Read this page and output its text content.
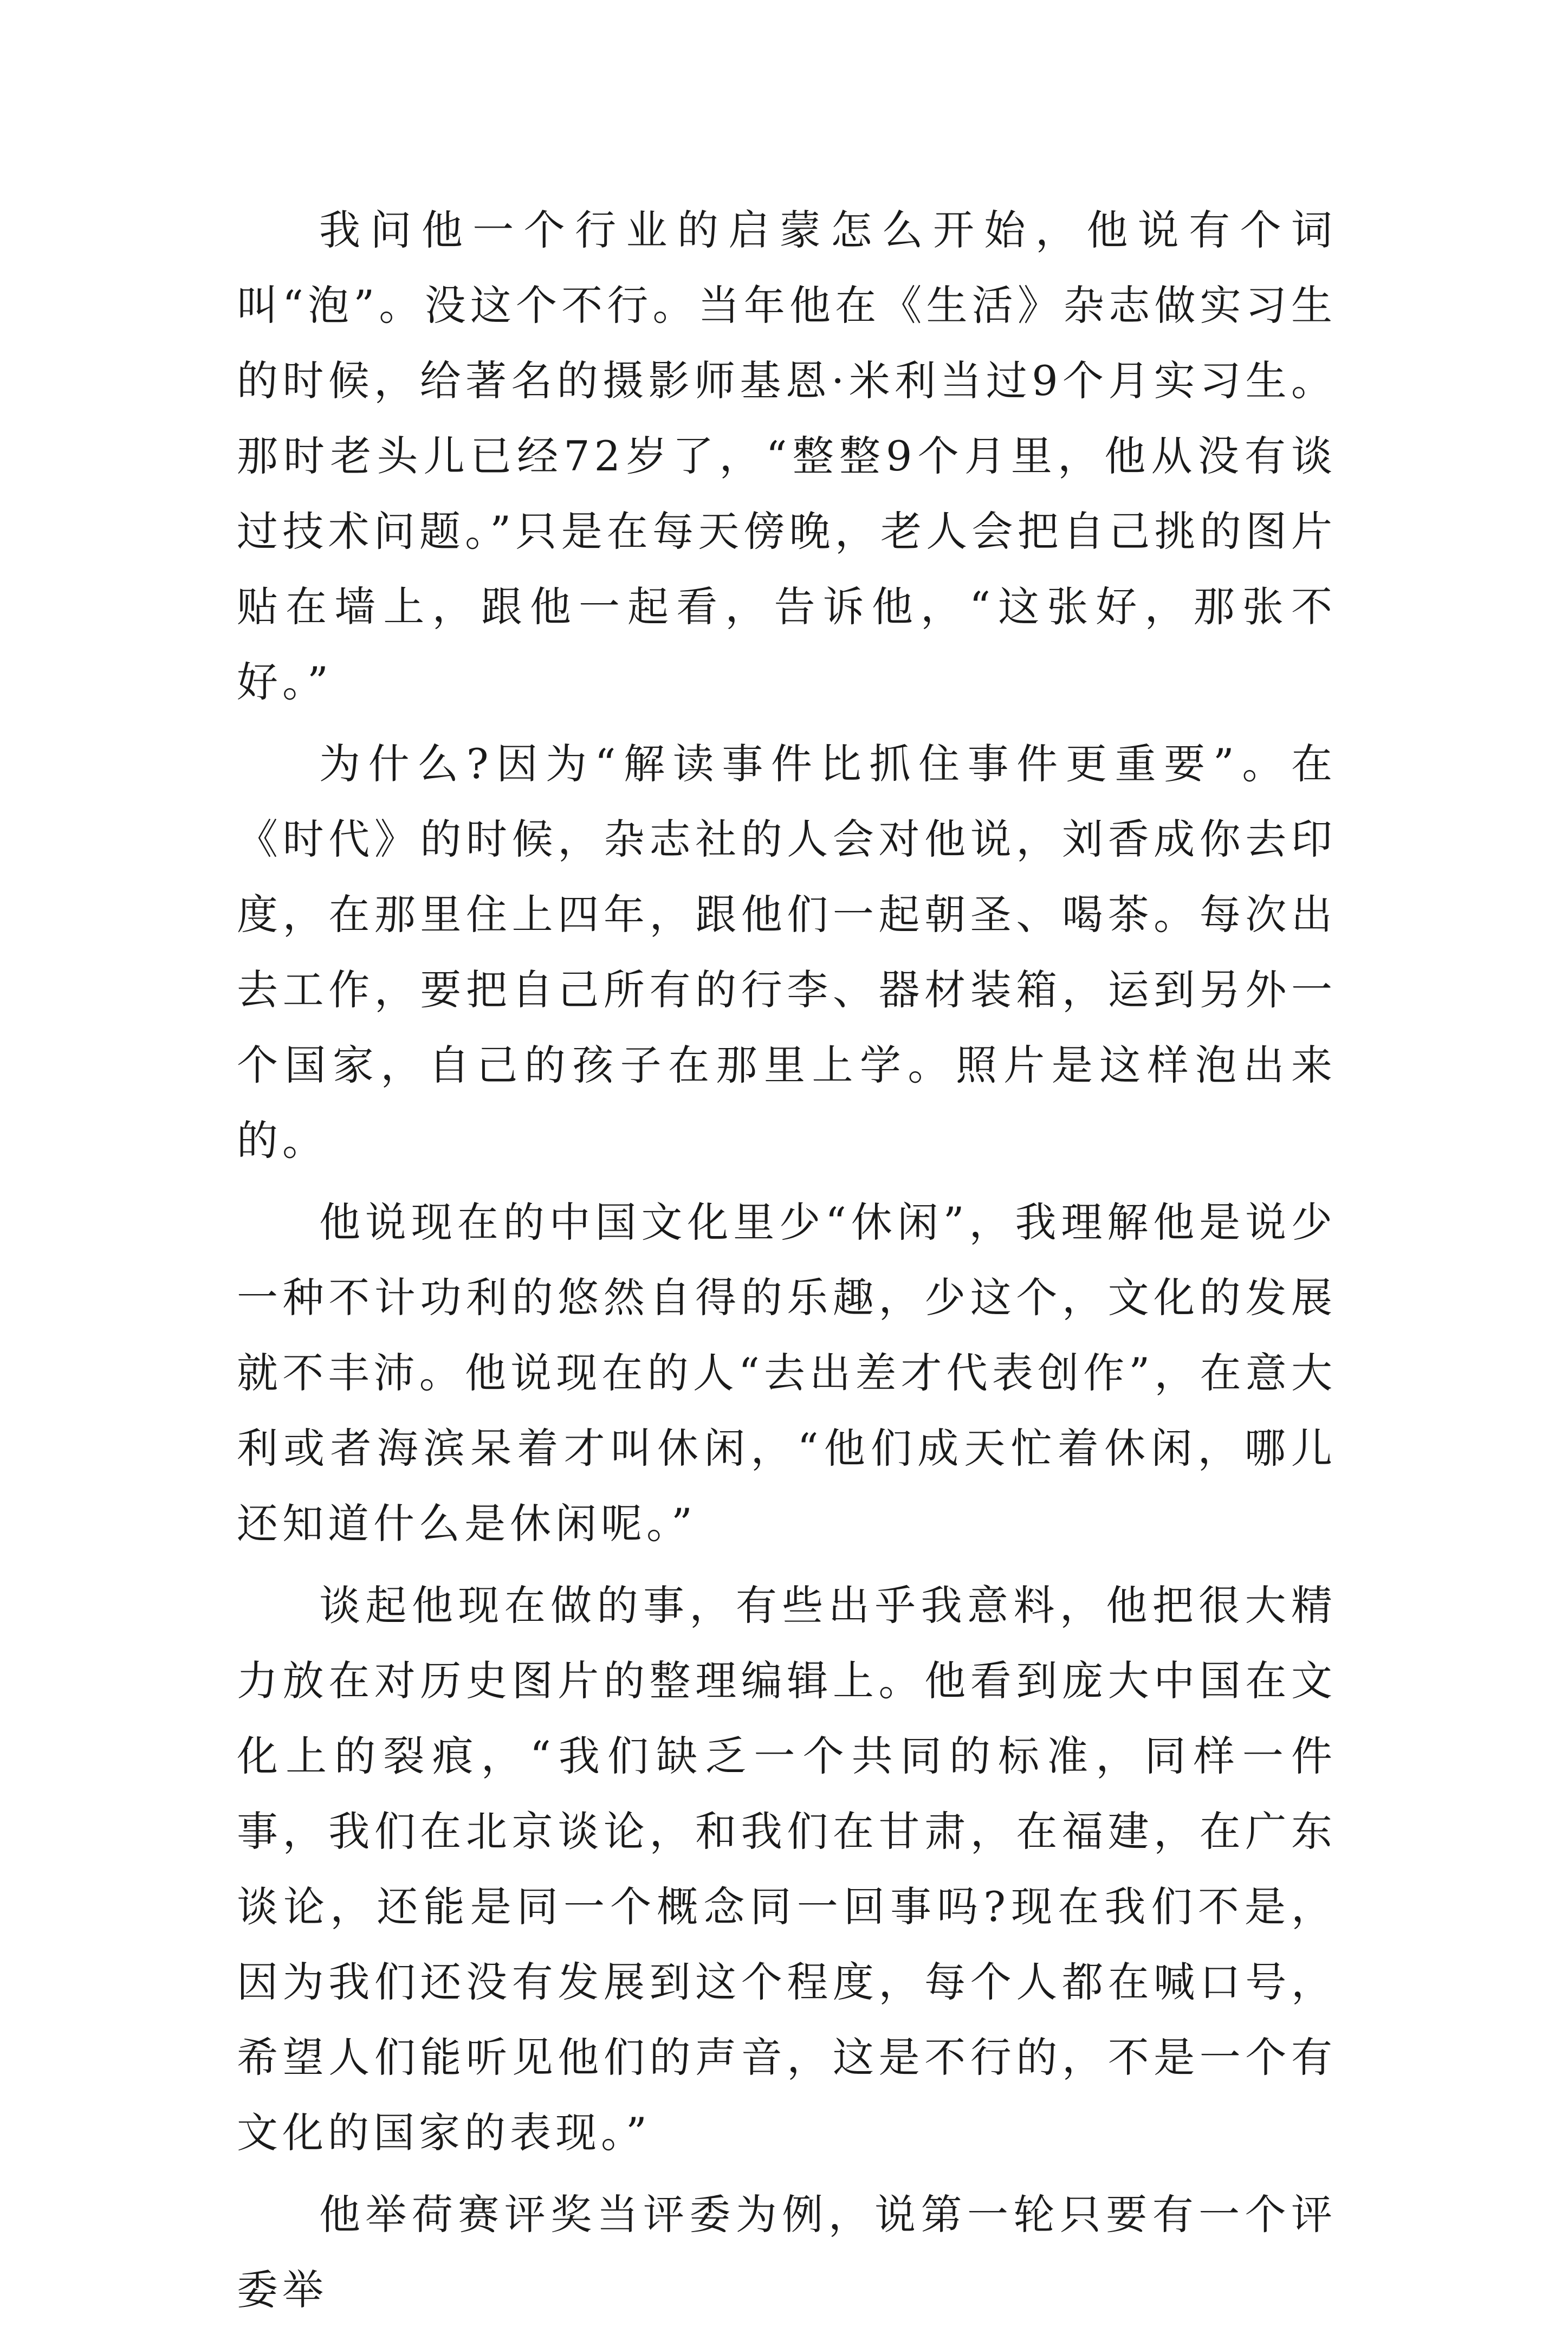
我问他一个行业的启蒙怎么开始，他说有个词叫“泡”。没这个不行。当年他在《生活》杂志做实习生的时候，给著名的摄影师基恩·米利当过9个月实习生。那时老头儿已经72岁了，“整整9个月里，他从没有谈过技术问题。”只是在每天傍晚，老人会把自己挑的图片贴在墙上，跟他一起看，告诉他，“这张好，那张不好。”

为什么?因为“解读事件比抓住事件更重要”。在《时代》的时候，杂志社的人会对他说，刘香成你去印度，在那里住上四年，跟他们一起朝圣、喝茶。每次出去工作，要把自己所有的行李、器材装箱，运到另外一个国家，自己的孩子在那里上学。照片是这样泡出来的。

他说现在的中国文化里少“休闲”，我理解他是说少一种不计功利的悠然自得的乐趣，少这个，文化的发展就不丰沛。他说现在的人“去出差才代表创作”，在意大利或者海滨呆着才叫休闲，“他们成天忙着休闲，哪儿还知道什么是休闲呢。”

谈起他现在做的事，有些出乎我意料，他把很大精力放在对历史图片的整理编辑上。他看到庞大中国在文化上的裂痕，“我们缺乏一个共同的标准，同样一件事，我们在北京谈论，和我们在甘肃，在福建，在广东谈论，还能是同一个概念同一回事吗?现在我们不是，因为我们还没有发展到这个程度，每个人都在喊口号，希望人们能听见他们的声音，这是不行的，不是一个有文化的国家的表现。”

他举荷赛评奖当评委为例，说第一轮只要有一个评委举
